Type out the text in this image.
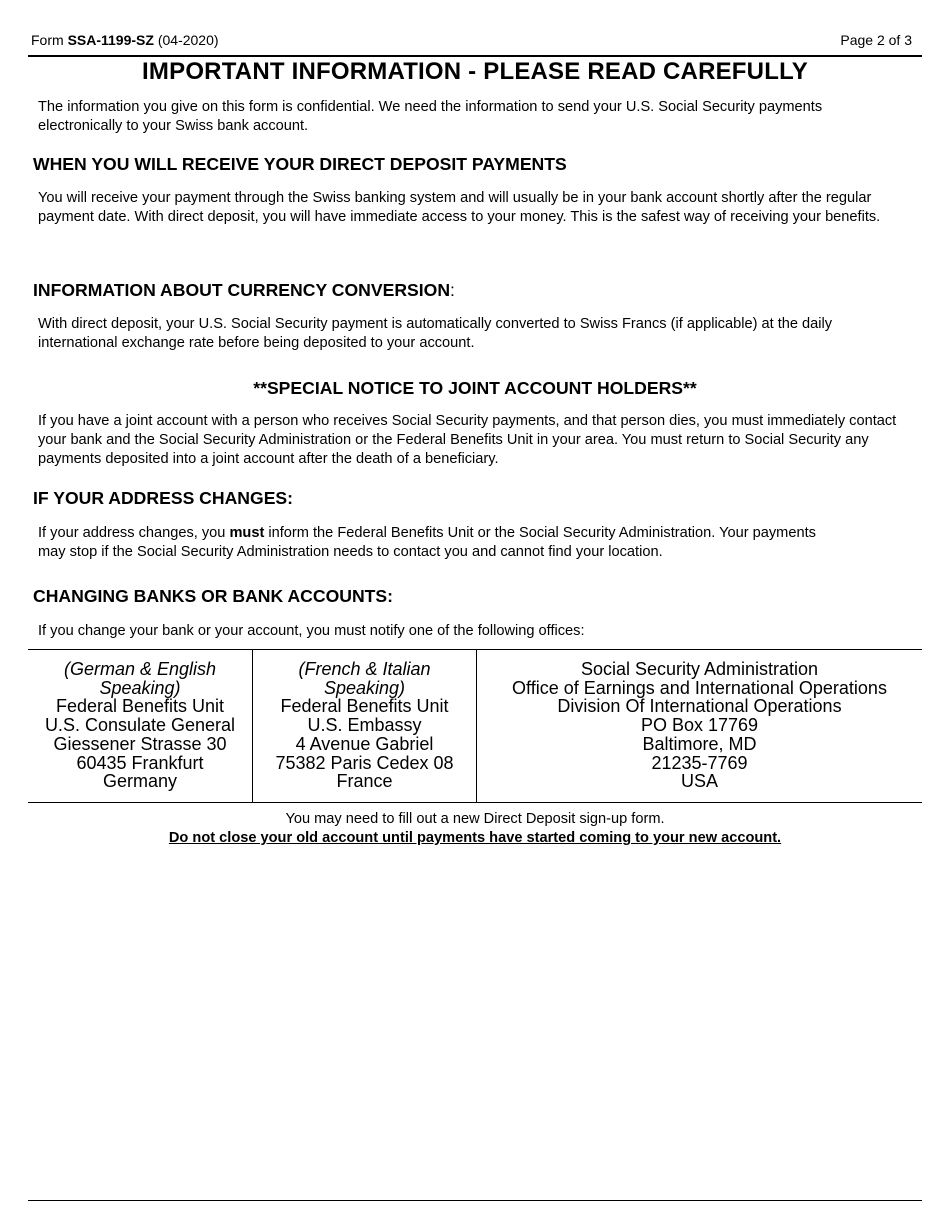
Form SSA-1199-SZ (04-2020)	Page 2 of 3
IMPORTANT INFORMATION - PLEASE READ CAREFULLY
The information you give on this form is confidential. We need the information to send your U.S. Social Security payments electronically to your Swiss bank account.
WHEN YOU WILL RECEIVE YOUR DIRECT DEPOSIT PAYMENTS
You will receive your payment through the Swiss banking system and will usually be in your bank account shortly after the regular payment date. With direct deposit, you will have immediate access to your money. This is the safest way of receiving your benefits.
INFORMATION ABOUT CURRENCY CONVERSION:
With direct deposit, your U.S. Social Security payment is automatically converted to Swiss Francs (if applicable) at the daily international exchange rate before being deposited to your account.
**SPECIAL NOTICE TO JOINT ACCOUNT HOLDERS**
If you have a joint account with a person who receives Social Security payments, and that person dies, you must immediately contact your bank and the Social Security Administration or the Federal Benefits Unit in your area. You must return to Social Security any payments deposited into a joint account after the death of a beneficiary.
IF YOUR ADDRESS CHANGES:
If your address changes, you must inform the Federal Benefits Unit or the Social Security Administration. Your payments may stop if the Social Security Administration needs to contact you and cannot find your location.
CHANGING BANKS OR BANK ACCOUNTS:
If you change your bank or your account, you must notify one of the following offices:
(German & English Speaking)
Federal Benefits Unit
U.S. Consulate General
Giessener Strasse 30
60435 Frankfurt
Germany

(French & Italian Speaking)
Federal Benefits Unit
U.S. Embassy
4 Avenue Gabriel
75382 Paris Cedex 08
France

Social Security Administration
Office of Earnings and International Operations
Division Of International Operations
PO Box 17769
Baltimore, MD
21235-7769
USA
You may need to fill out a new Direct Deposit sign-up form.
Do not close your old account until payments have started coming to your new account.
